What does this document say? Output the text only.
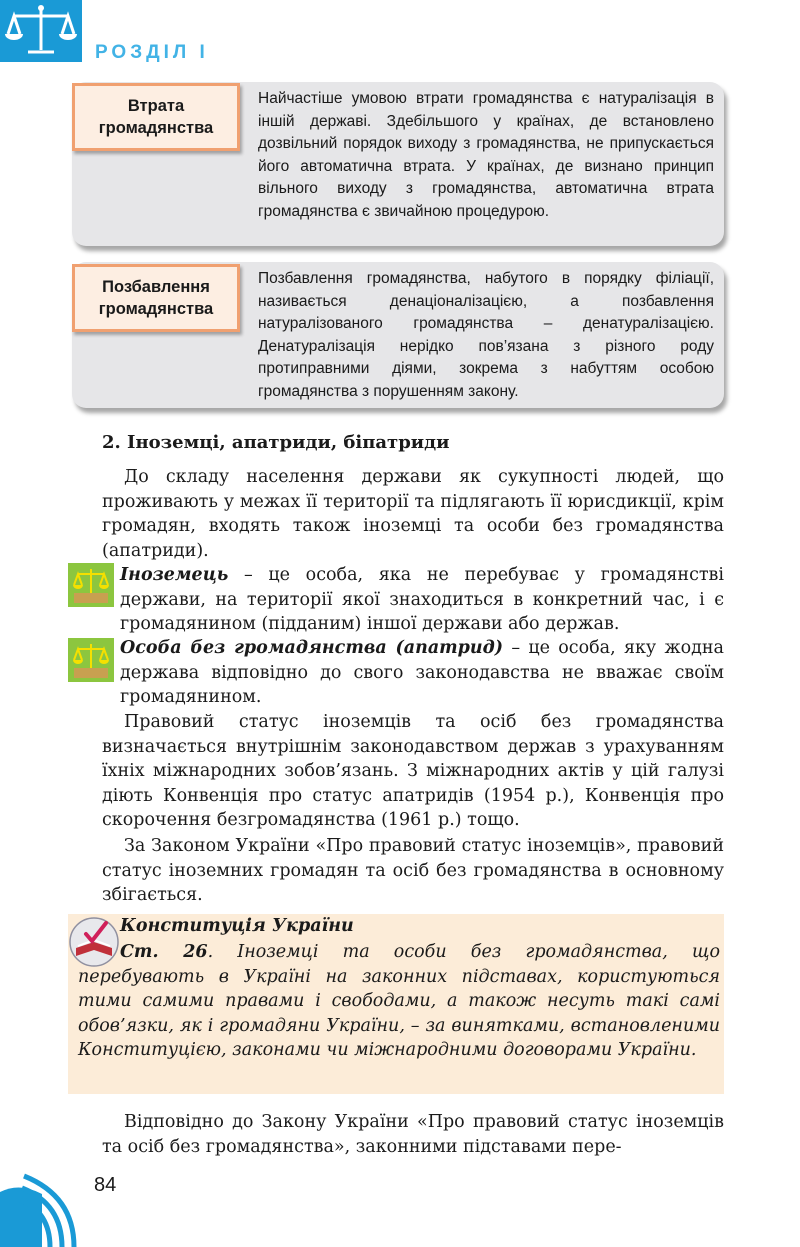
РОЗДІЛ І
Втрата громадянства
Найчастіше умовою втрати громадянства є натуралізація в іншій державі. Здебільшого у країнах, де встановлено дозвільний порядок виходу з громадянства, не припускається його автоматична втрата. У країнах, де визнано принцип вільного виходу з громадянства, автоматична втрата громадянства є звичайною процедурою.
Позбавлення громадянства
Позбавлення громадянства, набутого в порядку філіації, називається денаціоналізацією, а позбавлення натуралізованого громадянства – денатуралізацією. Денатуралізація нерідко пов’язана з різного роду протиправними діями, зокрема з набуттям особою громадянства з порушенням закону.
2. Іноземці, апатриди, біпатриди
До складу населення держави як сукупності людей, що проживають у межах її території та підлягають її юрисдикції, крім громадян, входять також іноземці та особи без громадянства (апатриди).
Іноземець – це особа, яка не перебуває у громадянстві держави, на території якої знаходиться в конкретний час, і є громадянином (підданим) іншої держави або держав.
Особа без громадянства (апатрид) – це особа, яку жодна держава відповідно до свого законодавства не вважає своїм громадянином.
Правовий статус іноземців та осіб без громадянства визначається внутрішнім законодавством держав з урахуванням їхніх міжнародних зобов’язань. З міжнародних актів у цій галузі діють Конвенція про статус апатридів (1954 р.), Конвенція про скорочення безгромадянства (1961 р.) тощо.
За Законом України «Про правовий статус іноземців», правовий статус іноземних громадян та осіб без громадянства в основному збігається.
Конституція України
Ст. 26. Іноземці та особи без громадянства, що перебувають в Україні на законних підставах, користуються тими самими правами і свободами, а також несуть такі самі обов’язки, як і громадяни України, – за винятками, встановленими Конституцією, законами чи міжнародними договорами України.
Відповідно до Закону України «Про правовий статус іноземців та осіб без громадянства», законними підставами пере-
84
